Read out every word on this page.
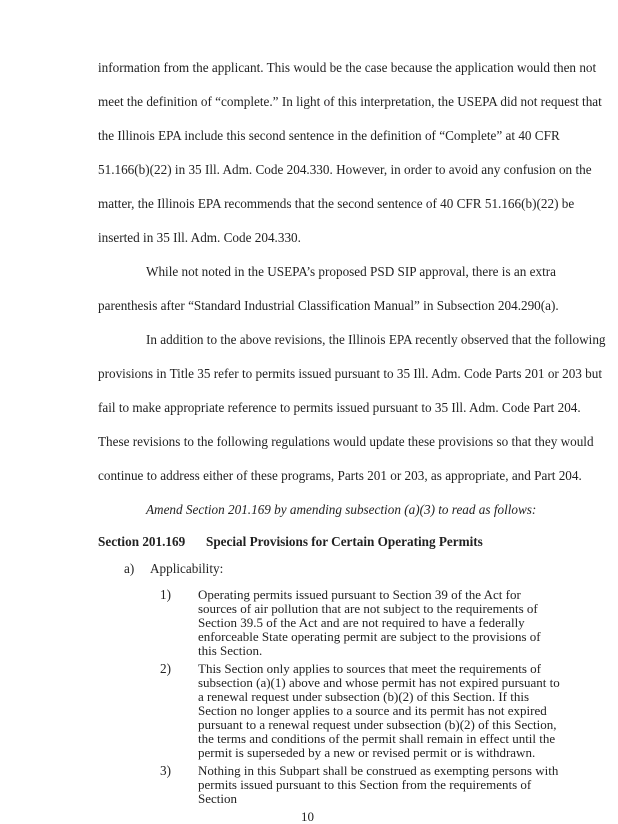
information from the applicant. This would be the case because the application would then not
meet the definition of “complete.” In light of this interpretation, the USEPA did not request that
the Illinois EPA include this second sentence in the definition of “Complete” at 40 CFR
51.166(b)(22) in 35 Ill. Adm. Code 204.330. However, in order to avoid any confusion on the
matter, the Illinois EPA recommends that the second sentence of 40 CFR 51.166(b)(22) be
inserted in 35 Ill. Adm. Code 204.330.
While not noted in the USEPA’s proposed PSD SIP approval, there is an extra
parenthesis after “Standard Industrial Classification Manual” in Subsection 204.290(a).
In addition to the above revisions, the Illinois EPA recently observed that the following
provisions in Title 35 refer to permits issued pursuant to 35 Ill. Adm. Code Parts 201 or 203 but
fail to make appropriate reference to permits issued pursuant to 35 Ill. Adm. Code Part 204.
These revisions to the following regulations would update these provisions so that they would
continue to address either of these programs, Parts 201 or 203, as appropriate, and Part 204.
Amend Section 201.169 by amending subsection (a)(3) to read as follows:
Section 201.169 Special Provisions for Certain Operating Permits
a) Applicability:
1) Operating permits issued pursuant to Section 39 of the Act for sources of air pollution that are not subject to the requirements of Section 39.5 of the Act and are not required to have a federally enforceable State operating permit are subject to the provisions of this Section.
2) This Section only applies to sources that meet the requirements of subsection (a)(1) above and whose permit has not expired pursuant to a renewal request under subsection (b)(2) of this Section. If this Section no longer applies to a source and its permit has not expired pursuant to a renewal request under subsection (b)(2) of this Section, the terms and conditions of the permit shall remain in effect until the permit is superseded by a new or revised permit or is withdrawn.
3) Nothing in this Subpart shall be construed as exempting persons with permits issued pursuant to this Section from the requirements of Section
10
